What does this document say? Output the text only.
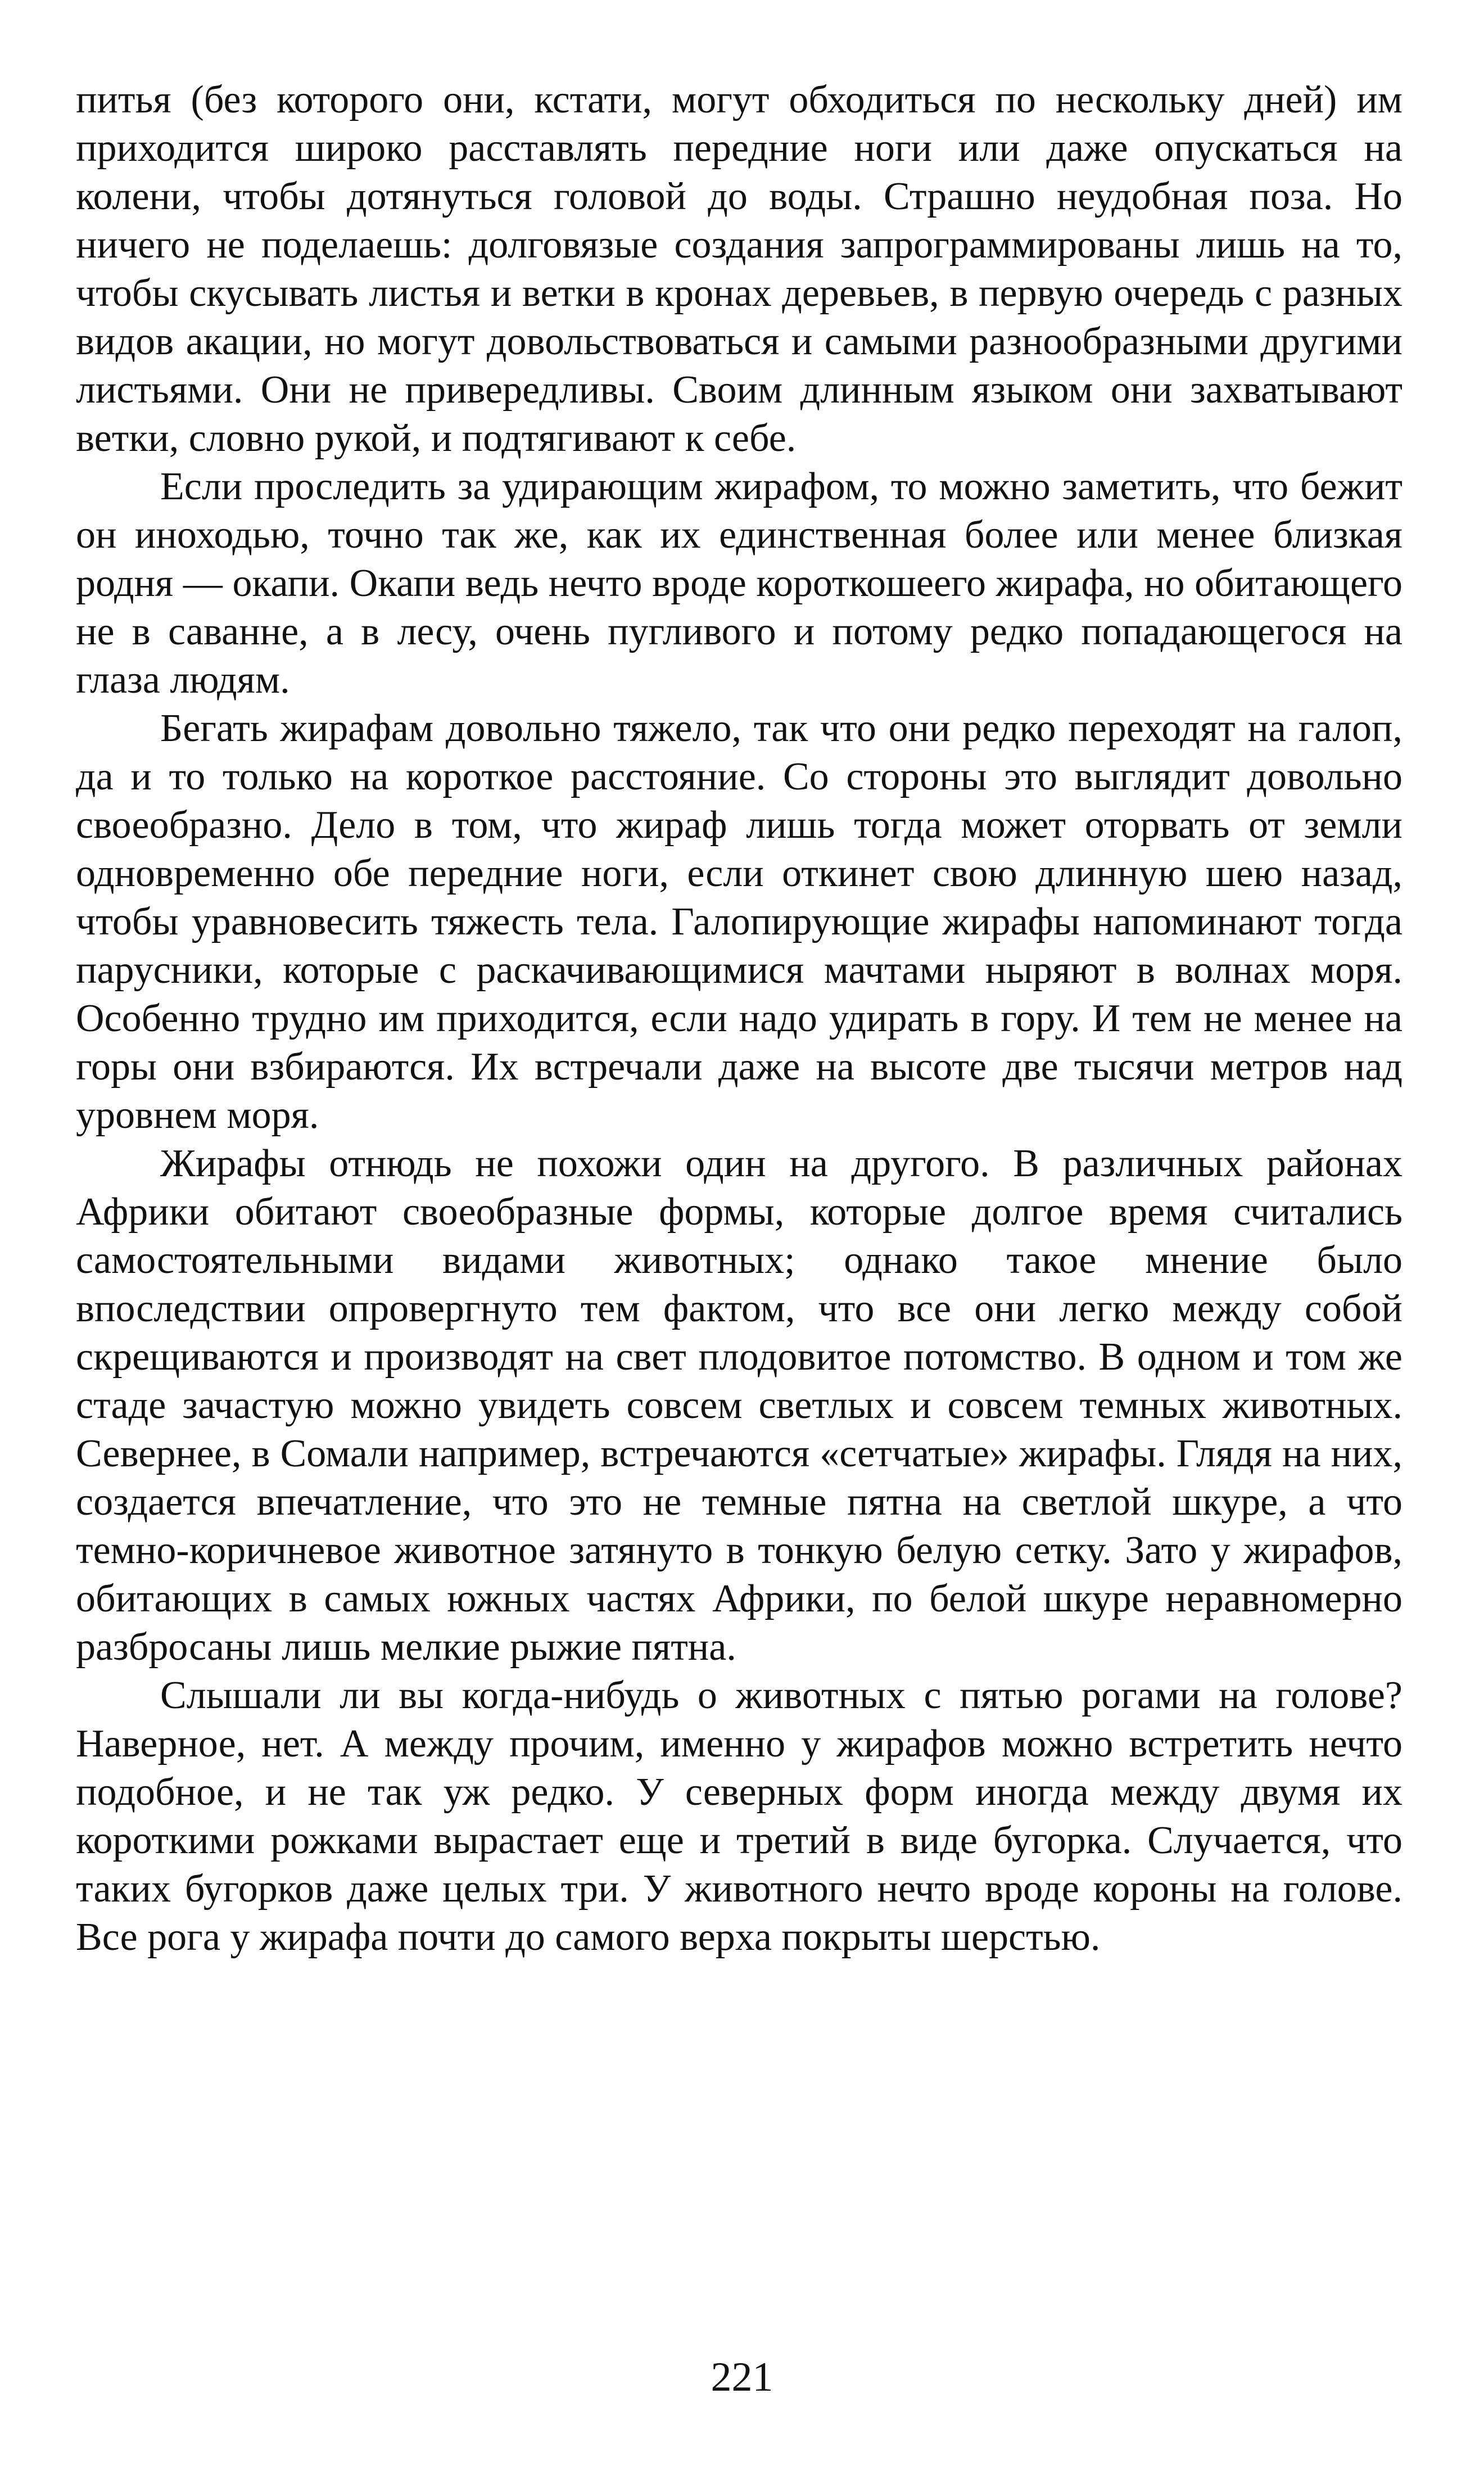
питья (без которого они, кстати, могут обходиться по нескольку дней) им приходится широко расставлять передние ноги или даже опускаться на колени, чтобы дотянуться головой до воды. Страшно неудобная поза. Но ничего не поделаешь: долговязые создания запрограммированы лишь на то, чтобы скусывать листья и ветки в кронах деревьев, в первую очередь с разных видов акации, но могут довольствоваться и самыми разнообразными другими листьями. Они не привередливы. Своим длинным языком они захватывают ветки, словно рукой, и подтягивают к себе.

Если проследить за удирающим жирафом, то можно заметить, что бежит он иноходью, точно так же, как их единственная более или менее близкая родня — окапи. Окапи ведь нечто вроде короткошеего жирафа, но обитающего не в саванне, а в лесу, очень пугливого и потому редко попадающегося на глаза людям.

Бегать жирафам довольно тяжело, так что они редко переходят на галоп, да и то только на короткое расстояние. Со стороны это выглядит довольно своеобразно. Дело в том, что жираф лишь тогда может оторвать от земли одновременно обе передние ноги, если откинет свою длинную шею назад, чтобы уравновесить тяжесть тела. Галопирующие жирафы напоминают тогда парусники, которые с раскачивающимися мачтами ныряют в волнах моря. Особенно трудно им приходится, если надо удирать в гору. И тем не менее на горы они взбираются. Их встречали даже на высоте две тысячи метров над уровнем моря.

Жирафы отнюдь не похожи один на другого. В различных районах Африки обитают своеобразные формы, которые долгое время считались самостоятельными видами животных; однако такое мнение было впоследствии опровергнуто тем фактом, что все они легко между собой скрещиваются и производят на свет плодовитое потомство. В одном и том же стаде зачастую можно увидеть совсем светлых и совсем темных животных. Севернее, в Сомали например, встречаются «сетчатые» жирафы. Глядя на них, создается впечатление, что это не темные пятна на светлой шкуре, а что темно-коричневое животное затянуто в тонкую белую сетку. Зато у жирафов, обитающих в самых южных частях Африки, по белой шкуре неравномерно разбросаны лишь мелкие рыжие пятна.

Слышали ли вы когда-нибудь о животных с пятью рогами на голове? Наверное, нет. А между прочим, именно у жирафов можно встретить нечто подобное, и не так уж редко. У северных форм иногда между двумя их короткими рожками вырастает еще и третий в виде бугорка. Случается, что таких бугорков даже целых три. У животного нечто вроде короны на голове. Все рога у жирафа почти до самого верха покрыты шерстью.

221
